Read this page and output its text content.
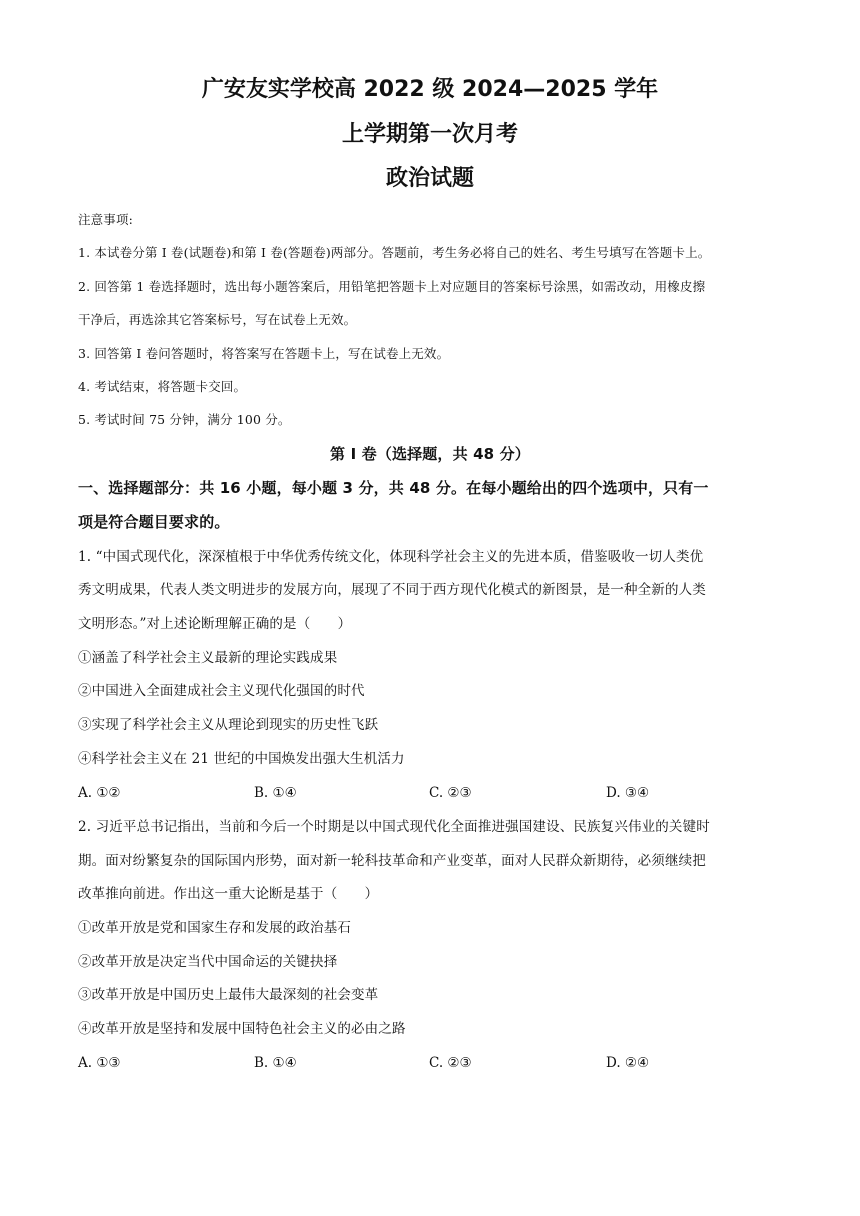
广安友实学校高 2022 级 2024—2025 学年
上学期第一次月考
政治试题
注意事项:
1. 本试卷分第 I 卷(试题卷)和第 I 卷(答题卷)两部分。答题前，考生务必将自己的姓名、考生号填写在答题卡上。
2. 回答第 1 卷选择题时，选出每小题答案后，用铅笔把答题卡上对应题目的答案标号涂黑，如需改动，用橡皮擦
干净后，再选涂其它答案标号，写在试卷上无效。
3. 回答第 I 卷问答题时，将答案写在答题卡上，写在试卷上无效。
4. 考试结束，将答题卡交回。
5. 考试时间 75 分钟，满分 100 分。
第 I 卷（选择题，共 48 分）
一、选择题部分：共 16 小题，每小题 3 分，共 48 分。在每小题给出的四个选项中，只有一
项是符合题目要求的。
1. “中国式现代化，深深植根于中华优秀传统文化，体现科学社会主义的先进本质，借鉴吸收一切人类优
秀文明成果，代表人类文明进步的发展方向，展现了不同于西方现代化模式的新图景，是一种全新的人类
文明形态。”对上述论断理解正确的是（　　）
①涵盖了科学社会主义最新的理论实践成果
②中国进入全面建成社会主义现代化强国的时代
③实现了科学社会主义从理论到现实的历史性飞跃
④科学社会主义在 21 世纪的中国焕发出强大生机活力
A. ①②	B. ①④	C. ②③	D. ③④
2. 习近平总书记指出，当前和今后一个时期是以中国式现代化全面推进强国建设、民族复兴伟业的关键时
期。面对纷繁复杂的国际国内形势，面对新一轮科技革命和产业变革，面对人民群众新期待，必须继续把
改革推向前进。作出这一重大论断是基于（　　）
①改革开放是党和国家生存和发展的政治基石
②改革开放是决定当代中国命运的关键抉择
③改革开放是中国历史上最伟大最深刻的社会变革
④改革开放是坚持和发展中国特色社会主义的必由之路
A. ①③	B. ①④	C. ②③	D. ②④
